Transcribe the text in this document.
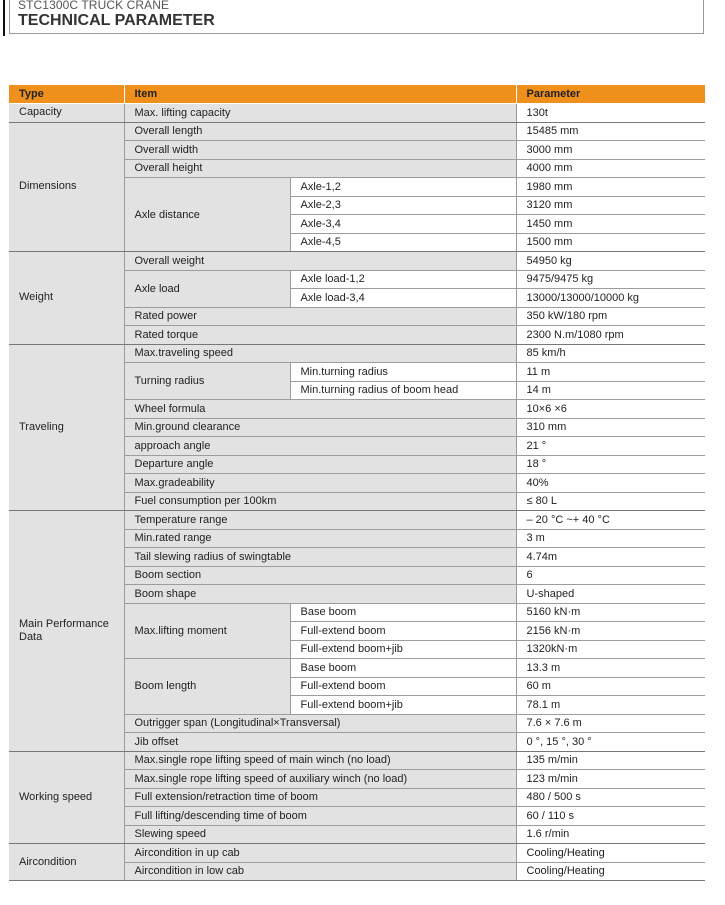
STC1300C TRUCK CRANE
TECHNICAL PARAMETER
Type	Item		Parameter
Capacity	Max. lifting capacity		130t
Dimensions	Overall length		15485 mm
	Overall width		3000 mm
	Overall height		4000 mm
	Axle distance	Axle-1,2	1980 mm
		Axle-2,3	3120 mm
		Axle-3,4	1450 mm
		Axle-4,5	1500 mm
Weight	Overall weight		54950 kg
	Axle load	Axle load-1,2	9475/9475 kg
		Axle load-3,4	13000/13000/10000 kg
	Rated power		350 kW/180 rpm
	Rated torque		2300 N.m/1080 rpm
Traveling	Max.traveling speed		85 km/h
	Turning radius	Min.turning radius	11 m
		Min.turning radius of boom head	14 m
	Wheel formula		10×6 ×6
	Min.ground clearance		310 mm
	approach angle		21 °
	Departure angle		18 °
	Max.gradeability		40%
	Fuel consumption per 100km		≤ 80 L
Main Performance Data	Temperature range		– 20 °C ~+ 40 °C
	Min.rated range		3 m
	Tail slewing radius of swingtable		4.74m
	Boom section		6
	Boom shape		U-shaped
	Max.lifting moment	Base boom	5160 kN·m
		Full-extend boom	2156 kN·m
		Full-extend boom+jib	1320kN·m
	Boom length	Base boom	13.3 m
		Full-extend boom	60 m
		Full-extend boom+jib	78.1 m
	Outrigger span (Longitudinal×Transversal)		7.6 × 7.6 m
	Jib offset		0 °, 15 °, 30 °
Working speed	Max.single rope lifting speed of main winch (no load)		135 m/min
	Max.single rope lifting speed of auxiliary winch (no load)		123 m/min
	Full extension/retraction time of boom		480 / 500 s
	Full lifting/descending time of boom		60 / 110 s
	Slewing speed		1.6 r/min
Aircondition	Aircondition in up cab		Cooling/Heating
	Aircondition in low cab		Cooling/Heating
